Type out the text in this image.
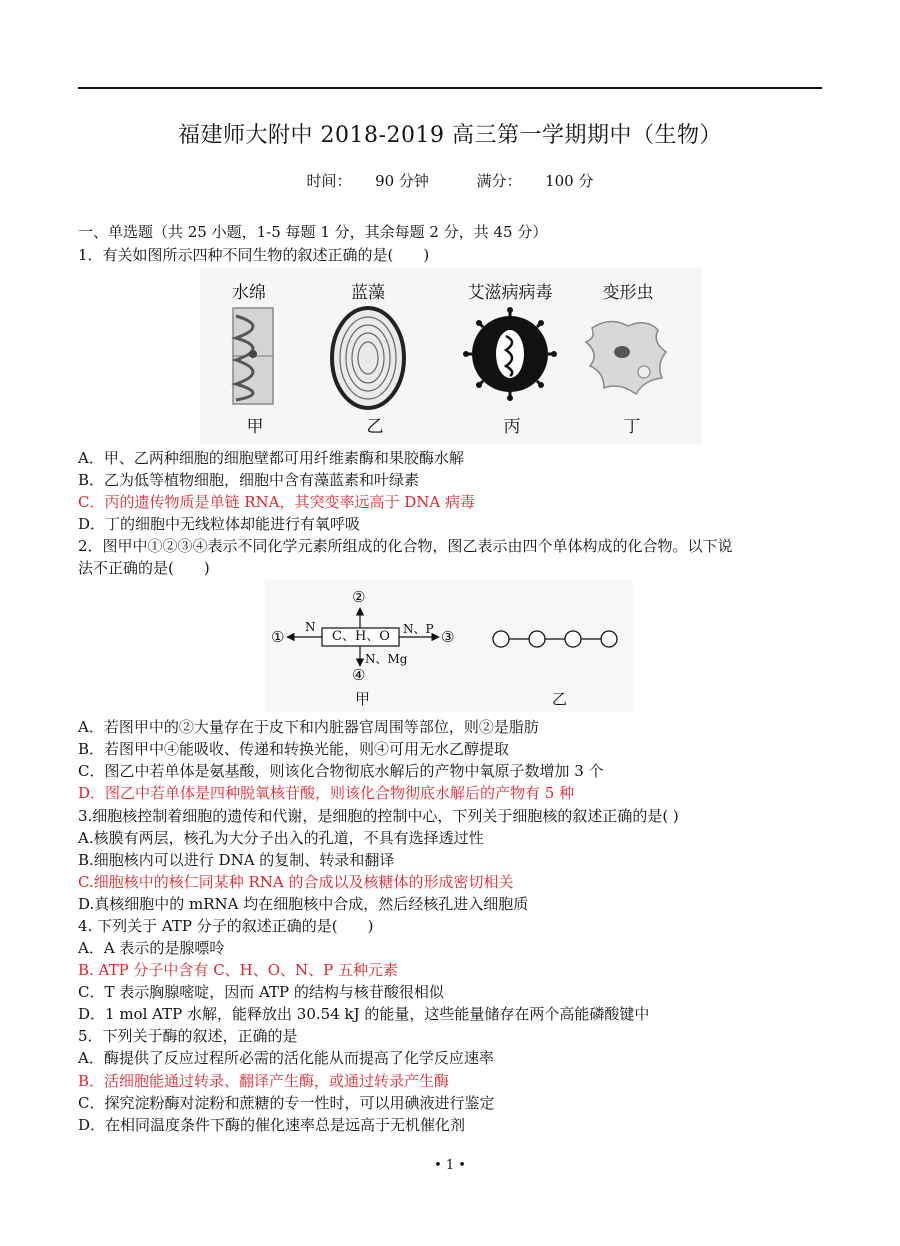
福建师大附中 2018-2019 高三第一学期期中（生物）
时间： 90 分钟	满分： 100 分
一、单选题（共 25 小题，1-5 每题 1 分，其余每题 2 分，共 45 分）
1．有关如图所示四种不同生物的叙述正确的是(　　)
水绵	蓝藻	艾滋病病毒	变形虫
甲	乙	丙	丁
A．甲、乙两种细胞的细胞壁都可用纤维素酶和果胶酶水解
B．乙为低等植物细胞，细胞中含有藻蓝素和叶绿素
C．丙的遗传物质是单链 RNA，其突变率远高于 DNA 病毒
D．丁的细胞中无线粒体却能进行有氧呼吸
2．图甲中①②③④表示不同化学元素所组成的化合物，图乙表示由四个单体构成的化合物。以下说
法不正确的是(　　)
C、H、O
①
②
③
④
N	N、P
N、Mg
甲	乙
A．若图甲中的②大量存在于皮下和内脏器官周围等部位，则②是脂肪
B．若图甲中④能吸收、传递和转换光能，则④可用无水乙醇提取
C．图乙中若单体是氨基酸，则该化合物彻底水解后的产物中氧原子数增加 3 个
D．图乙中若单体是四种脱氧核苷酸，则该化合物彻底水解后的产物有 5 种
3.细胞核控制着细胞的遗传和代谢，是细胞的控制中心，下列关于细胞核的叙述正确的是( )
A.核膜有两层，核孔为大分子出入的孔道，不具有选择透过性
B.细胞核内可以进行 DNA 的复制、转录和翻译
C.细胞核中的核仁同某种 RNA 的合成以及核糖体的形成密切相关
D.真核细胞中的 mRNA 均在细胞核中合成，然后经核孔进入细胞质
4. 下列关于 ATP 分子的叙述正确的是(　　)
A．A 表示的是腺嘌呤
B. ATP 分子中含有 C、H、O、N、P 五种元素
C．T 表示胸腺嘧啶，因而 ATP 的结构与核苷酸很相似
D．1 mol ATP 水解，能释放出 30.54 kJ 的能量，这些能量储存在两个高能磷酸键中
5．下列关于酶的叙述，正确的是
A．酶提供了反应过程所必需的活化能从而提高了化学反应速率
B．活细胞能通过转录、翻译产生酶，或通过转录产生酶
C．探究淀粉酶对淀粉和蔗糖的专一性时，可以用碘液进行鉴定
D．在相同温度条件下酶的催化速率总是远高于无机催化剂
• 1 •
